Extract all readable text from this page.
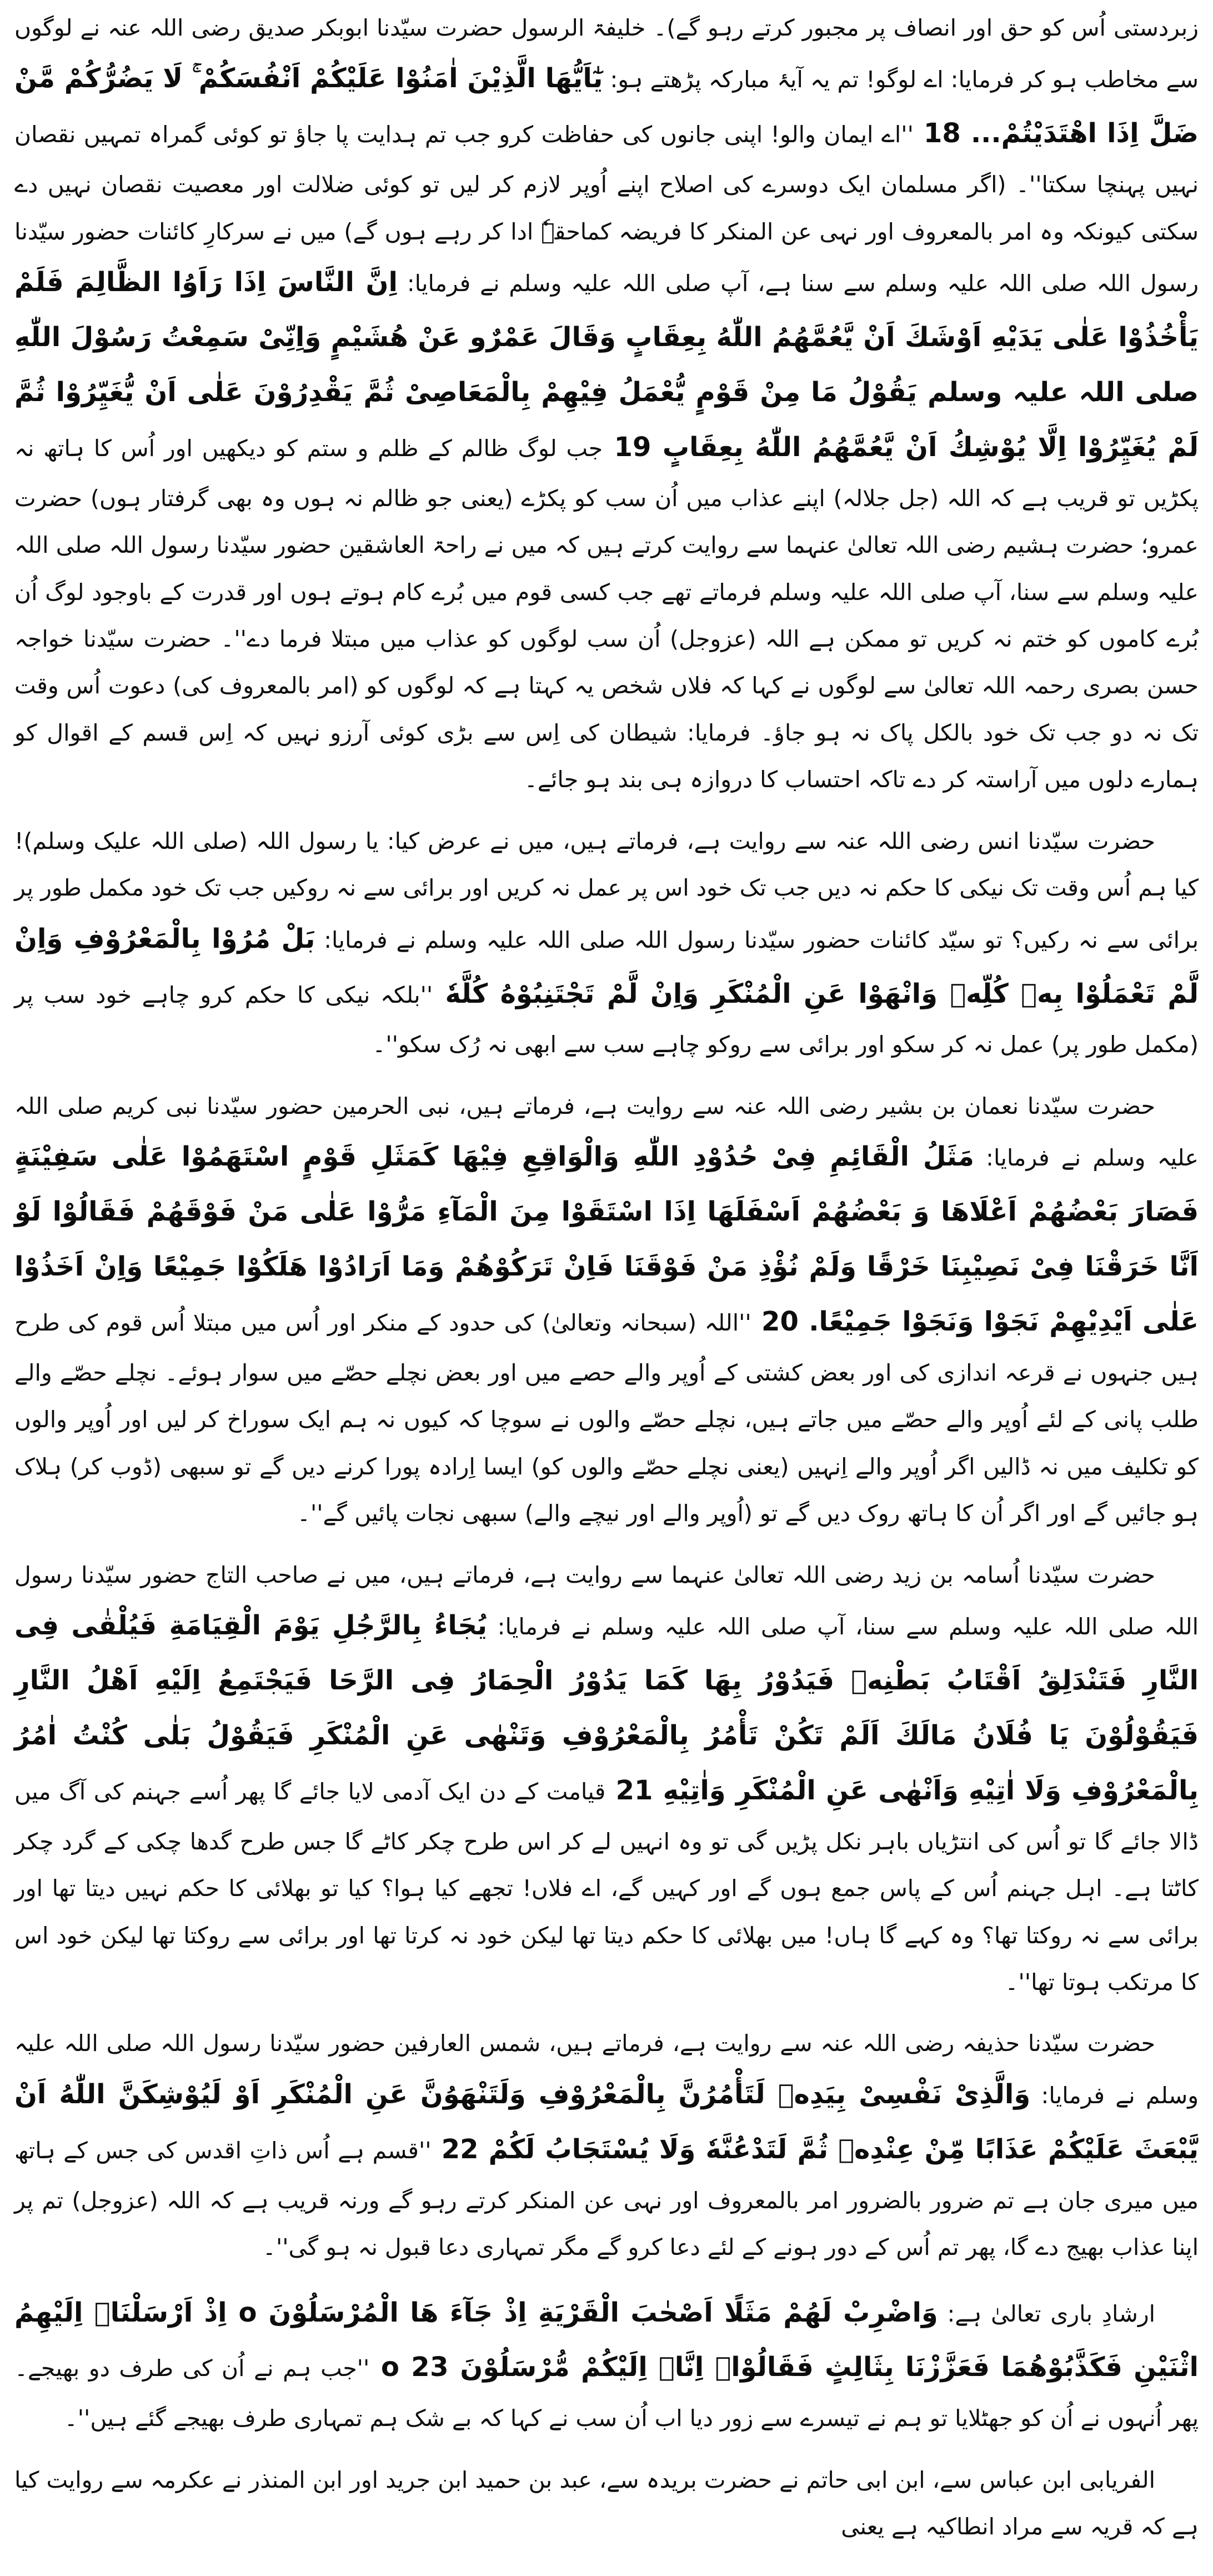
زبردستی اُس کو حق اور انصاف پر مجبور کرتے رہو گے)۔ خلیفۃ الرسول حضرت سیّدنا ابوبکر صدیق رضی اللہ عنہ نے لوگوں سے مخاطب ہو کر فرمایا: اے لوگو! تم یہ آیۂ مبارکہ پڑھتے ہو: يٰٓاَيُّهَا الَّذِيْنَ اٰمَنُوْا عَلَيْكُمْ اَنْفُسَكُمْ ۚ لَا يَضُرُّكُمْ مَّنْ ضَلَّ اِذَا اهْتَدَيْتُمْ... 18 ''اے ایمان والو! اپنی جانوں کی حفاظت کرو جب تم ہدایت پا جاؤ تو کوئی گمراہ تمہیں نقصان نہیں پہنچا سکتا''۔ (اگر مسلمان ایک دوسرے کی اصلاح اپنے اُوپر لازم کر لیں تو کوئی ضلالت اور معصیت نقصان نہیں دے سکتی کیونکہ وہ امر بالمعروف اور نہی عن المنکر کا فریضہ کماحقہٗ ادا کر رہے ہوں گے) میں نے سرکارِ کائنات حضور سیّدنا رسول اللہ صلی اللہ علیہ وسلم سے سنا ہے، آپ صلی اللہ علیہ وسلم نے فرمایا: اِنَّ النَّاسَ اِذَا رَاَوُا الظَّالِمَ فَلَمْ يَأْخُذُوْا عَلٰى يَدَيْهِ اَوْشَكَ اَنْ يَّعُمَّهُمُ اللّٰهُ بِعِقَابٍ وَقَالَ عَمْرٌو عَنْ هُشَيْمٍ وَاِنِّىْ سَمِعْتُ رَسُوْلَ اللّٰهِ صلی اللہ علیہ وسلم يَقُوْلُ مَا مِنْ قَوْمٍ يُّعْمَلُ فِيْهِمْ بِالْمَعَاصِىْ ثُمَّ يَقْدِرُوْنَ عَلٰى اَنْ يُّغَيِّرُوْا ثُمَّ لَمْ يُغَيِّرُوْا اِلَّا يُوْشِكُ اَنْ يَّعُمَّهُمُ اللّٰهُ بِعِقَابٍ 19 جب لوگ ظالم کے ظلم و ستم کو دیکھیں اور اُس کا ہاتھ نہ پکڑیں تو قریب ہے کہ اللہ (جل جلالہ) اپنے عذاب میں اُن سب کو پکڑے (یعنی جو ظالم نہ ہوں وہ بھی گرفتار ہوں) حضرت عمرو؛ حضرت ہشیم رضی اللہ تعالیٰ عنہما سے روایت کرتے ہیں کہ میں نے راحۃ العاشقین حضور سیّدنا رسول اللہ صلی اللہ علیہ وسلم سے سنا، آپ صلی اللہ علیہ وسلم فرماتے تھے جب کسی قوم میں بُرے کام ہوتے ہوں اور قدرت کے باوجود لوگ اُن بُرے کاموں کو ختم نہ کریں تو ممکن ہے اللہ (عزوجل) اُن سب لوگوں کو عذاب میں مبتلا فرما دے''۔ حضرت سیّدنا خواجہ حسن بصری رحمہ اللہ تعالیٰ سے لوگوں نے کہا کہ فلاں شخص یہ کہتا ہے کہ لوگوں کو (امر بالمعروف کی) دعوت اُس وقت تک نہ دو جب تک خود بالکل پاک نہ ہو جاؤ۔ فرمایا: شیطان کی اِس سے بڑی کوئی آرزو نہیں کہ اِس قسم کے اقوال کو ہمارے دلوں میں آراستہ کر دے تاکہ احتساب کا دروازہ ہی بند ہو جائے۔

حضرت سیّدنا انس رضی اللہ عنہ سے روایت ہے، فرماتے ہیں، میں نے عرض کیا: یا رسول اللہ (صلی اللہ علیک وسلم)! کیا ہم اُس وقت تک نیکی کا حکم نہ دیں جب تک خود اس پر عمل نہ کریں اور برائی سے نہ روکیں جب تک خود مکمل طور پر برائی سے نہ رکیں؟ تو سیّد کائنات حضور سیّدنا رسول اللہ صلی اللہ علیہ وسلم نے فرمایا: بَلْ مُرُوْا بِالْمَعْرُوْفِ وَاِنْ لَّمْ تَعْمَلُوْا بِهٖ كُلِّهٖ وَانْهَوْا عَنِ الْمُنْكَرِ وَاِنْ لَّمْ تَجْتَنِبُوْهُ كُلَّهٗ ''بلکہ نیکی کا حکم کرو چاہے خود سب پر (مکمل طور پر) عمل نہ کر سکو اور برائی سے روکو چاہے سب سے ابھی نہ رُک سکو''۔

حضرت سیّدنا نعمان بن بشیر رضی اللہ عنہ سے روایت ہے، فرماتے ہیں، نبی الحرمین حضور سیّدنا نبی کریم صلی اللہ علیہ وسلم نے فرمایا: مَثَلُ الْقَائِمِ فِىْ حُدُوْدِ اللّٰهِ وَالْوَاقِعِ فِيْهَا كَمَثَلِ قَوْمٍ اسْتَهَمُوْا عَلٰى سَفِيْنَةٍ فَصَارَ بَعْضُهُمْ اَعْلَاهَا وَ بَعْضُهُمْ اَسْفَلَهَا اِذَا اسْتَقَوْا مِنَ الْمَآءِ مَرُّوْا عَلٰى مَنْ فَوْقَهُمْ فَقَالُوْا لَوْ اَنَّا خَرَقْنَا فِىْ نَصِيْبِنَا خَرْقًا وَلَمْ نُؤْذِ مَنْ فَوْقَنَا فَاِنْ تَرَكُوْهُمْ وَمَا اَرَادُوْا هَلَكُوْا جَمِيْعًا وَاِنْ اَخَذُوْا عَلٰى اَيْدِيْهِمْ نَجَوْا وَنَجَوْا جَمِيْعًا. 20 ''اللہ (سبحانہ وتعالیٰ) کی حدود کے منکر اور اُس میں مبتلا اُس قوم کی طرح ہیں جنہوں نے قرعہ اندازی کی اور بعض کشتی کے اُوپر والے حصے میں اور بعض نچلے حصّے میں سوار ہوئے۔ نچلے حصّے والے طلب پانی کے لئے اُوپر والے حصّے میں جاتے ہیں، نچلے حصّے والوں نے سوچا کہ کیوں نہ ہم ایک سوراخ کر لیں اور اُوپر والوں کو تکلیف میں نہ ڈالیں اگر اُوپر والے اِنہیں (یعنی نچلے حصّے والوں کو) ایسا اِرادہ پورا کرنے دیں گے تو سبھی (ڈوب کر) ہلاک ہو جائیں گے اور اگر اُن کا ہاتھ روک دیں گے تو (اُوپر والے اور نیچے والے) سبھی نجات پائیں گے''۔

حضرت سیّدنا اُسامہ بن زید رضی اللہ تعالیٰ عنہما سے روایت ہے، فرماتے ہیں، میں نے صاحب التاج حضور سیّدنا رسول اللہ صلی اللہ علیہ وسلم سے سنا، آپ صلی اللہ علیہ وسلم نے فرمایا: يُجَاءُ بِالرَّجُلِ يَوْمَ الْقِيَامَةِ فَيُلْقٰى فِى النَّارِ فَتَنْدَلِقُ اَقْتَابُ بَطْنِهٖ فَيَدُوْرُ بِهَا كَمَا يَدُوْرُ الْحِمَارُ فِى الرَّحَا فَيَجْتَمِعُ اِلَيْهِ اَهْلُ النَّارِ فَيَقُوْلُوْنَ يَا فُلَانُ مَالَكَ اَلَمْ تَكُنْ تَأْمُرُ بِالْمَعْرُوْفِ وَتَنْهٰى عَنِ الْمُنْكَرِ فَيَقُوْلُ بَلٰى كُنْتُ اٰمُرُ بِالْمَعْرُوْفِ وَلَا اٰتِيْهِ وَاَنْهٰى عَنِ الْمُنْكَرِ وَاٰتِيْهِ 21 قیامت کے دن ایک آدمی لایا جائے گا پھر اُسے جہنم کی آگ میں ڈالا جائے گا تو اُس کی انتڑیاں باہر نکل پڑیں گی تو وہ انہیں لے کر اس طرح چکر کاٹے گا جس طرح گدھا چکی کے گرد چکر کاٹتا ہے۔ اہل جہنم اُس کے پاس جمع ہوں گے اور کہیں گے، اے فلاں! تجھے کیا ہوا؟ کیا تو بھلائی کا حکم نہیں دیتا تھا اور برائی سے نہ روکتا تھا؟ وہ کہے گا ہاں! میں بھلائی کا حکم دیتا تھا لیکن خود نہ کرتا تھا اور برائی سے روکتا تھا لیکن خود اس کا مرتکب ہوتا تھا''۔

حضرت سیّدنا حذیفہ رضی اللہ عنہ سے روایت ہے، فرماتے ہیں، شمس العارفین حضور سیّدنا رسول اللہ صلی اللہ علیہ وسلم نے فرمایا: وَالَّذِىْ نَفْسِىْ بِيَدِهٖ لَتَأْمُرُنَّ بِالْمَعْرُوْفِ وَلَتَنْهَوُنَّ عَنِ الْمُنْكَرِ اَوْ لَيُوْشِكَنَّ اللّٰهُ اَنْ يَّبْعَثَ عَلَيْكُمْ عَذَابًا مِّنْ عِنْدِهٖ ثُمَّ لَتَدْعُنَّهٗ وَلَا يُسْتَجَابُ لَكُمْ 22 ''قسم ہے اُس ذاتِ اقدس کی جس کے ہاتھ میں میری جان ہے تم ضرور بالضرور امر بالمعروف اور نہی عن المنکر کرتے رہو گے ورنہ قریب ہے کہ اللہ (عزوجل) تم پر اپنا عذاب بھیج دے گا، پھر تم اُس کے دور ہونے کے لئے دعا کرو گے مگر تمہاری دعا قبول نہ ہو گی''۔

ارشادِ باری تعالیٰ ہے: وَاضْرِبْ لَهُمْ مَثَلًا اَصْحٰبَ الْقَرْيَةِ اِذْ جَآءَ هَا الْمُرْسَلُوْنَ o اِذْ اَرْسَلْنَاۤ اِلَيْهِمُ اثْنَيْنِ فَكَذَّبُوْهُمَا فَعَزَّزْنَا بِثَالِثٍ فَقَالُوْاۤ اِنَّاۤ اِلَيْكُمْ مُّرْسَلُوْنَ o 23 ''جب ہم نے اُن کی طرف دو بھیجے۔ پھر اُنہوں نے اُن کو جھٹلایا تو ہم نے تیسرے سے زور دیا اب اُن سب نے کہا کہ بے شک ہم تمہاری طرف بھیجے گئے ہیں''۔

الفریابی ابن عباس سے، ابن ابی حاتم نے حضرت بریدہ سے، عبد بن حمید ابن جرید اور ابن المنذر نے عکرمہ سے روایت کیا ہے کہ قریہ سے مراد انطاکیہ ہے یعنی
